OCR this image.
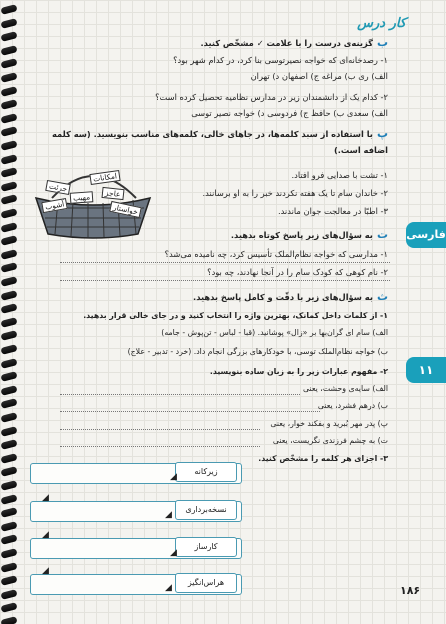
کار درس
بگزینه‌ی درست را با علامت ✓ مشخّص کنید.
۱- رصدخانه‌ای که خواجه نصیرتوسی بنا کرد، در کدام شهر بود؟
الف) ری ب) مراغه ج) اصفهان د) تهران
۲- کدام یک از دانشمندان زیر در مدارس نظامیه تحصیل کرده است؟
الف) سعدی ب) حافظ ج) فردوسی د) خواجه نصیر توسی
پبا استفاده از سبد کلمه‌ها، در جاهای خالی، کلمه‌های مناسب بنویسید. (سه کلمه
اضافه است.)
امکانات
جرئت	عاجز
مهیب
خواستار
آشوب
۱- تشت با صدایی فرو افتاد.
۲- خاندان سام تا یک هفته نکردند خبر را به او برسانند.
۳- اطبّا در معالجت جوان ماندند.
فارسی
تبه سؤال‌های زیر پاسخ کوتاه بدهید.
۱- مدارسی که خواجه نظام‌الملک تأسیس کرد، چه نامیده می‌شد؟
۲- نام کوهی که کودک سام را در آنجا نهادند، چه بود؟
ثبه سؤال‌های زیر با دقّت و کامل پاسخ بدهید.
۱- از کلمات داخل کمانک، بهترین واژه را انتخاب کنید و در جای خالی قرار بدهید.
الف) سام ای گران‌بها بر «زال» پوشانید. (قبا - لباس - تن‌پوش - جامه)
ب) خواجه نظام‌الملک توسی، با خودکارهای بزرگی انجام داد. (خرد - تدبیر - علاج)
۱۱
۲- مفهوم عبارات زیر را به زبان ساده بنویسید.
الف) سایه‌ی وحشت، یعنی
ب) درهم فشرد، یعنی
پ) پدر مهر بُبرید و بفکند خوار، یعنی
ت) به چشم فرزندی نگریست، یعنی
۳- اجزای هر کلمه را مشخّص کنید.
زیرکانه
نسخه‌برداری
کارساز
هراس‌انگیز
◢
◢
◢
◢
◢
◢
◢	۱۸۶
